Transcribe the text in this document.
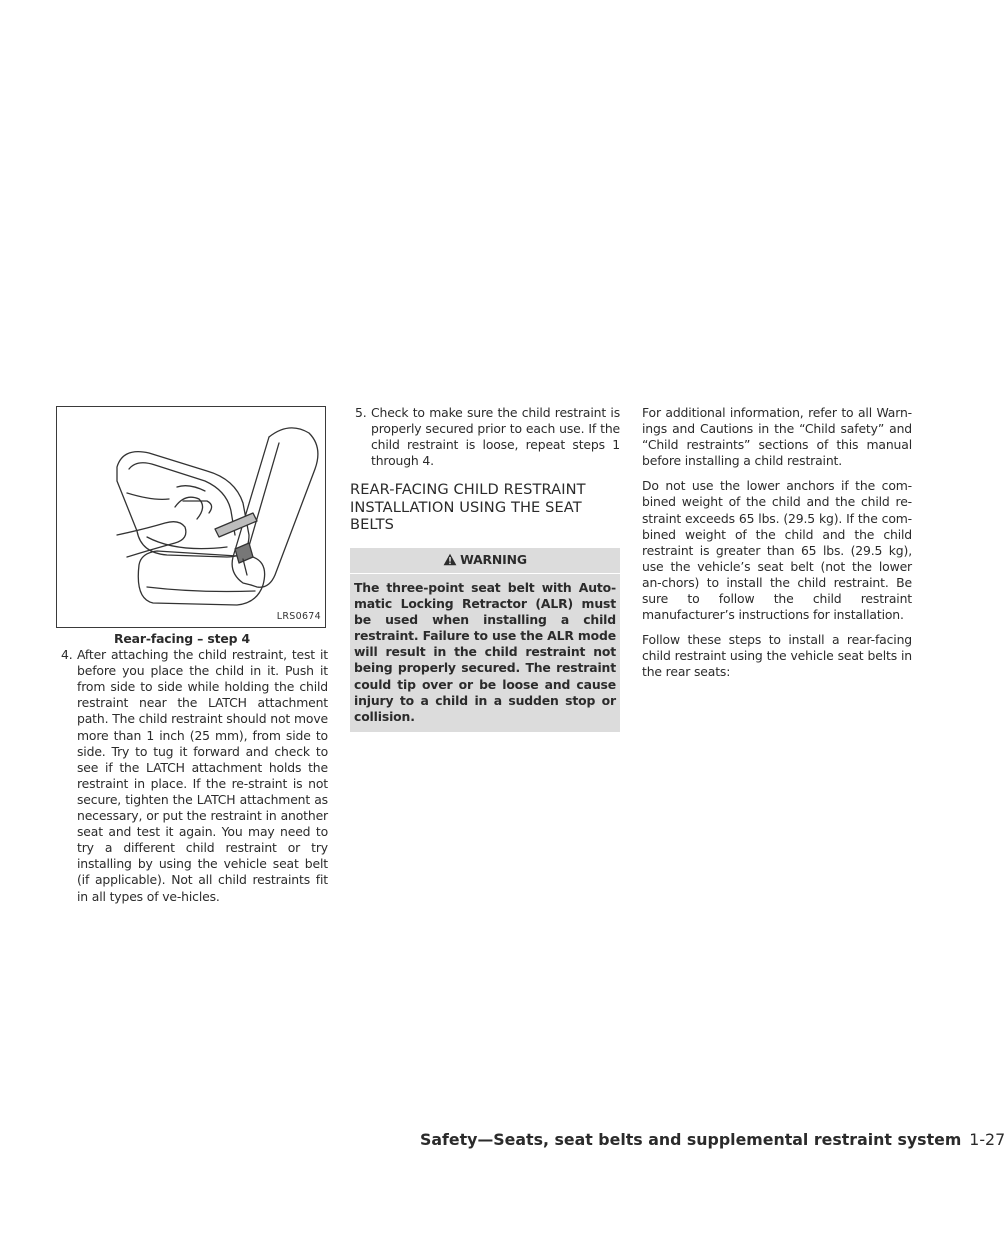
LRS0674
Rear-facing – step 4
4. After attaching the child restraint, test it before you place the child in it. Push it from side to side while holding the child restraint near the LATCH attachment path. The child restraint should not move more than 1 inch (25 mm), from side to side. Try to tug it forward and check to see if the LATCH attachment holds the restraint in place. If the re-straint is not secure, tighten the LATCH attachment as necessary, or put the restraint in another seat and test it again. You may need to try a different child restraint or try installing by using the vehicle seat belt (if applicable). Not all child restraints fit in all types of ve-hicles.
5. Check to make sure the child restraint is properly secured prior to each use. If the child restraint is loose, repeat steps 1 through 4.
REAR-FACING CHILD RESTRAINT INSTALLATION USING THE SEAT BELTS
WARNING
The three-point seat belt with Auto-matic Locking Retractor (ALR) must be used when installing a child restraint. Failure to use the ALR mode will result in the child restraint not being properly secured. The restraint could tip over or be loose and cause injury to a child in a sudden stop or collision.

For additional information, refer to all Warn-ings and Cautions in the “Child safety” and “Child restraints” sections of this manual before installing a child restraint.

Do not use the lower anchors if the com-bined weight of the child and the child re-straint exceeds 65 lbs. (29.5 kg). If the com-bined weight of the child and the child restraint is greater than 65 lbs. (29.5 kg), use the vehicle’s seat belt (not the lower an-chors) to install the child restraint. Be sure to follow the child restraint manufacturer’s instructions for installation.

Follow these steps to install a rear-facing child restraint using the vehicle seat belts in the rear seats:

Safety—Seats, seat belts and supplemental restraint system 1-27
